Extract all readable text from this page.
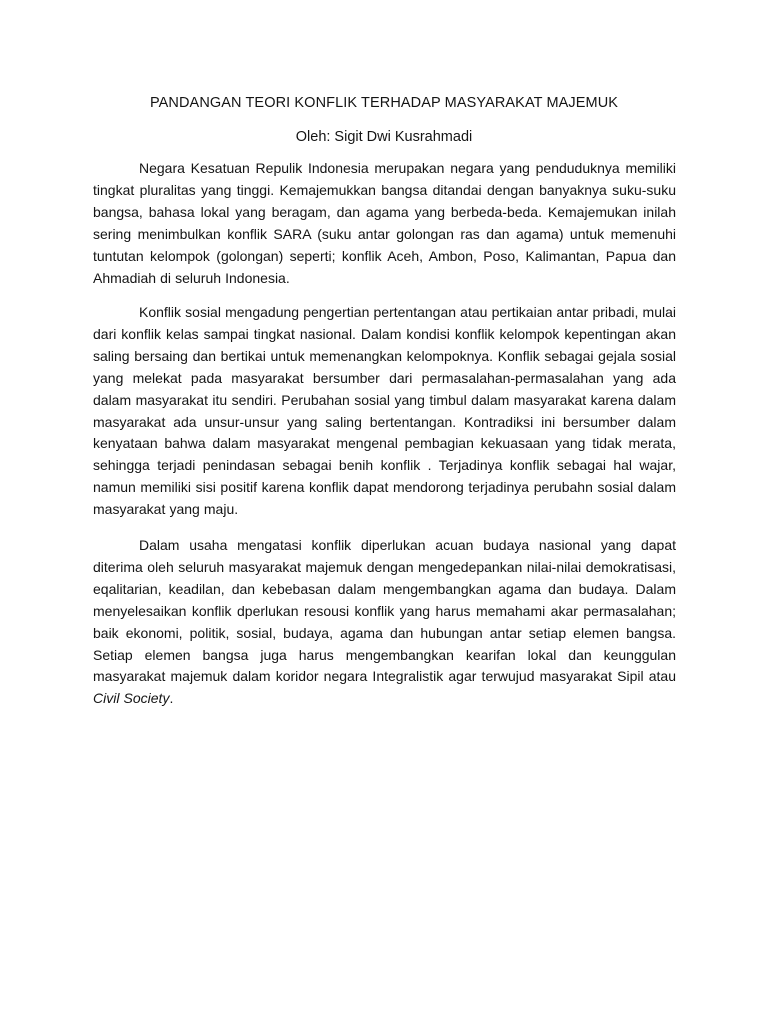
PANDANGAN TEORI KONFLIK TERHADAP MASYARAKAT MAJEMUK
Oleh: Sigit Dwi Kusrahmadi

Negara Kesatuan Repulik Indonesia merupakan negara yang penduduknya memiliki tingkat pluralitas yang tinggi. Kemajemukkan bangsa ditandai dengan banyaknya suku-suku bangsa, bahasa lokal yang beragam, dan agama yang berbeda-beda. Kemajemukan inilah sering menimbulkan konflik SARA (suku antar golongan ras dan agama) untuk memenuhi tuntutan kelompok (golongan) seperti; konflik Aceh, Ambon, Poso, Kalimantan, Papua dan Ahmadiah di seluruh Indonesia.

Konflik sosial mengadung pengertian pertentangan atau pertikaian antar pribadi, mulai dari konflik kelas sampai tingkat nasional. Dalam kondisi konflik kelompok kepentingan akan saling bersaing dan bertikai untuk memenangkan kelompoknya. Konflik sebagai gejala sosial yang melekat pada masyarakat bersumber dari permasalahan-permasalahan yang ada dalam masyarakat itu sendiri. Perubahan sosial yang timbul dalam masyarakat karena dalam masyarakat ada unsur-unsur yang saling bertentangan. Kontradiksi ini bersumber dalam kenyataan bahwa dalam masyarakat mengenal pembagian kekuasaan yang tidak merata, sehingga terjadi penindasan sebagai benih konflik . Terjadinya konflik sebagai hal wajar, namun memiliki sisi positif karena konflik dapat mendorong terjadinya perubahn sosial dalam masyarakat yang maju.

Dalam usaha mengatasi konflik diperlukan acuan budaya nasional yang dapat diterima oleh seluruh masyarakat majemuk dengan mengedepankan nilai-nilai demokratisasi, eqalitarian, keadilan, dan kebebasan dalam mengembangkan agama dan budaya. Dalam menyelesaikan konflik dperlukan resousi konflik yang harus memahami akar permasalahan; baik ekonomi, politik, sosial, budaya, agama dan hubungan antar setiap elemen bangsa. Setiap elemen bangsa juga harus mengembangkan kearifan lokal dan keunggulan masyarakat majemuk dalam koridor negara Integralistik agar terwujud masyarakat Sipil atau Civil Society.
